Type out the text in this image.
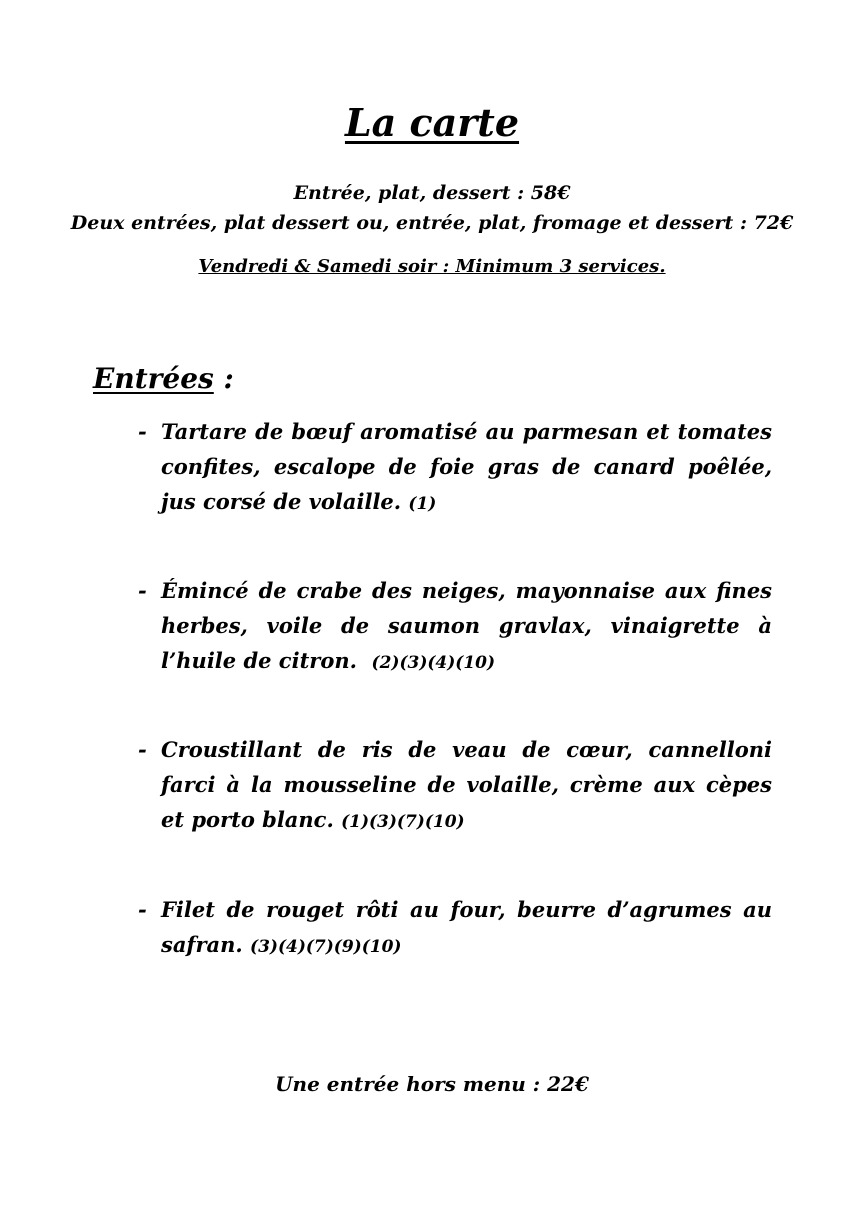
La carte
Entrée, plat, dessert : 58€
Deux entrées, plat dessert ou, entrée, plat, fromage et dessert : 72€
Vendredi & Samedi soir : Minimum 3 services.
Entrées :
- Tartare de bœuf aromatisé au parmesan et tomates confites, escalope de foie gras de canard poêlée, jus corsé de volaille. (1)
- Émincé de crabe des neiges, mayonnaise aux fines herbes, voile de saumon gravlax, vinaigrette à l’huile de citron. (2)(3)(4)(10)
- Croustillant de ris de veau de cœur, cannelloni farci à la mousseline de volaille, crème aux cèpes et porto blanc. (1)(3)(7)(10)
- Filet de rouget rôti au four, beurre d’agrumes au safran. (3)(4)(7)(9)(10)
Une entrée hors menu : 22€
